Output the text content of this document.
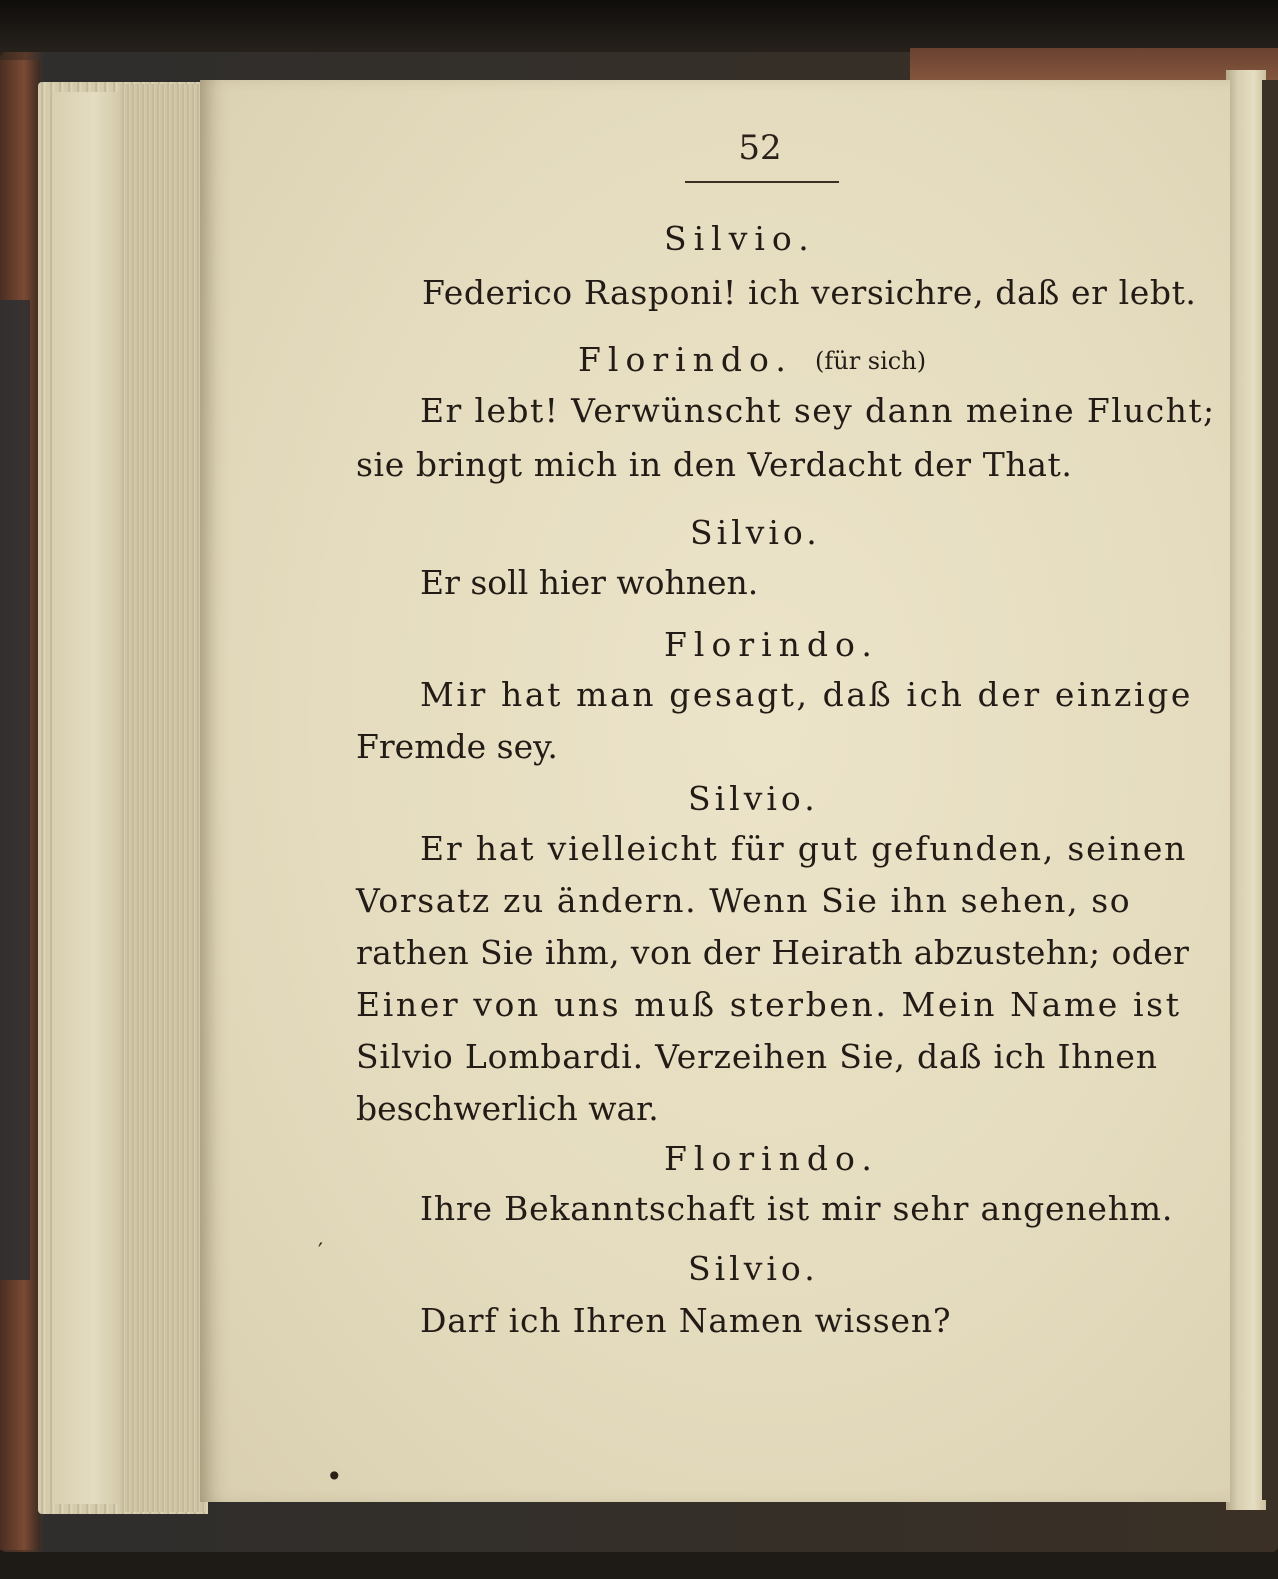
52
Silvio.
Federico Rasponi! ich versichre, daß er lebt.
Florindo. (für sich)
Er lebt! Verwünscht sey dann meine Flucht;
sie bringt mich in den Verdacht der That.
Silvio.
Er soll hier wohnen.
Florindo.
Mir hat man gesagt, daß ich der einzige
Fremde sey.
Silvio.
Er hat vielleicht für gut gefunden, seinen
Vorsatz zu ändern. Wenn Sie ihn sehen, so
rathen Sie ihm, von der Heirath abzustehn; oder
Einer von uns muß sterben. Mein Name ist
Silvio Lombardi. Verzeihen Sie, daß ich Ihnen
beschwerlich war.
Florindo.
Ihre Bekanntschaft ist mir sehr angenehm.
Silvio.
Darf ich Ihren Namen wissen?
•
′
